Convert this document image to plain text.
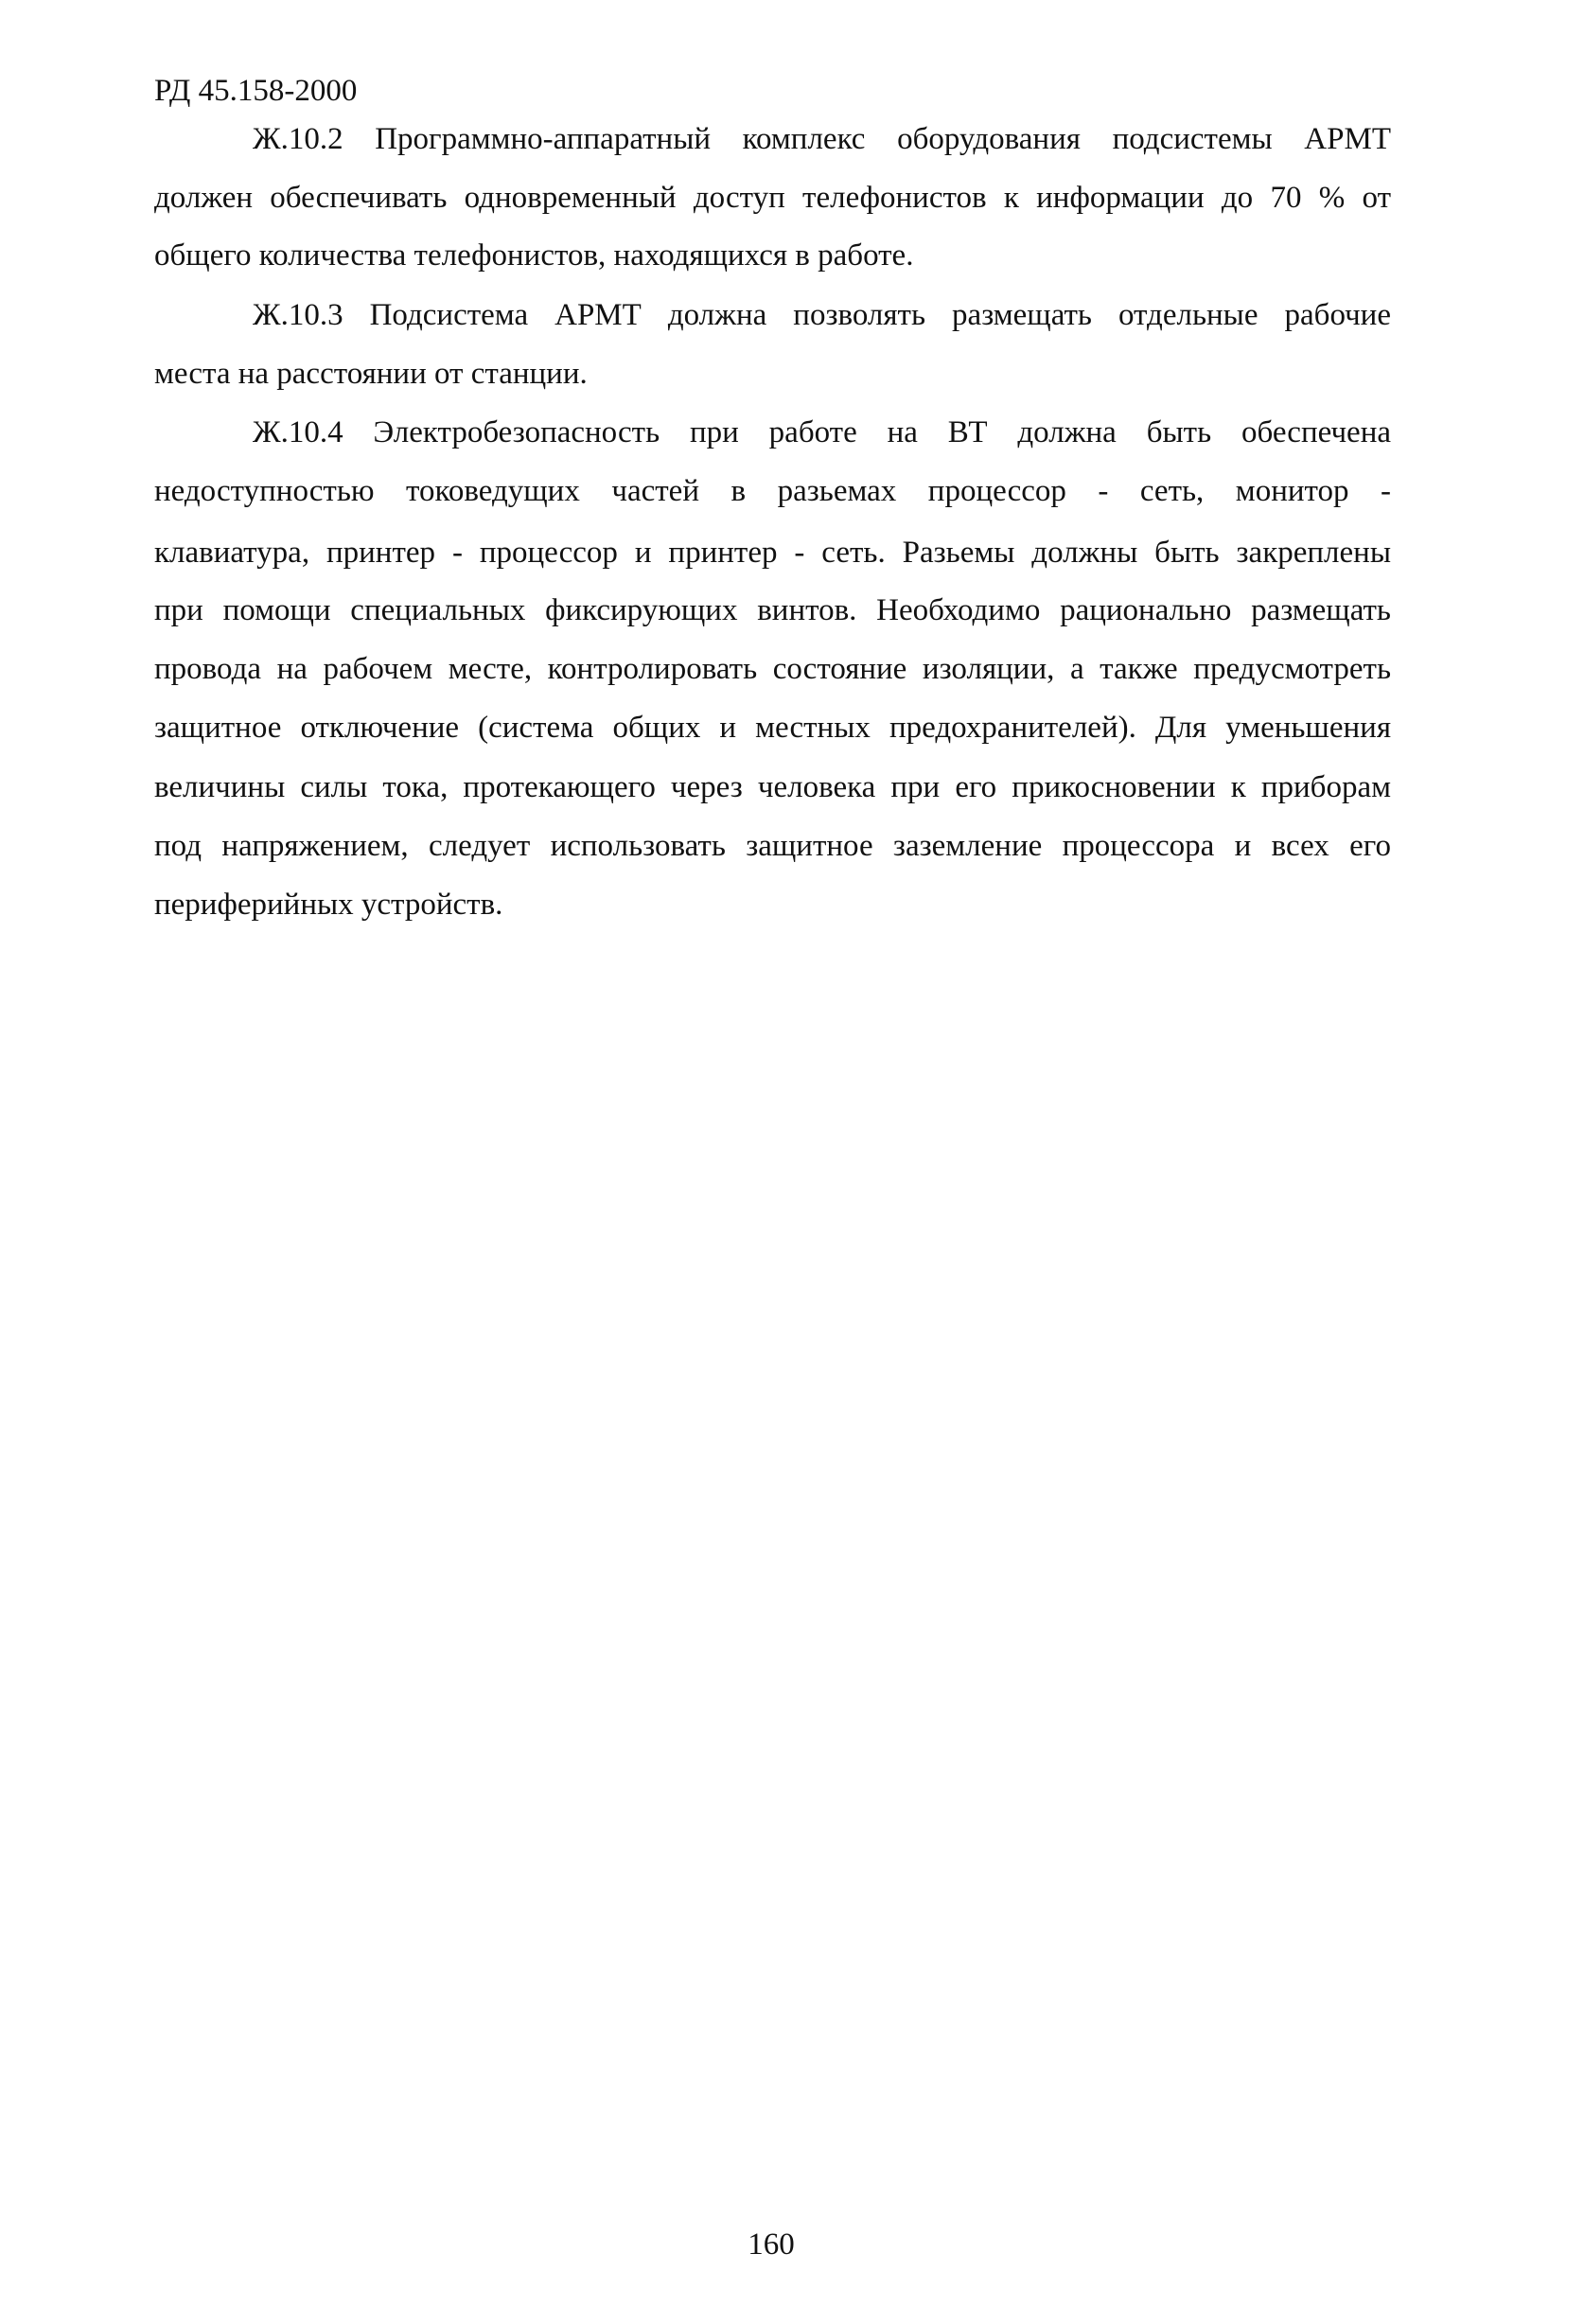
РД 45.158-2000
Ж.10.2 Программно-аппаратный комплекс оборудования подсистемы АРМТ
должен обеспечивать одновременный доступ телефонистов к информации до 70 % от
общего количества телефонистов, находящихся в работе.
Ж.10.3 Подсистема АРМТ должна позволять размещать отдельные рабочие
места на расстоянии от станции.
Ж.10.4 Электробезопасность при работе на ВТ должна быть обеспечена
недоступностью токоведущих частей в разьемах процессор - сеть, монитор -
клавиатура, принтер - процессор и принтер - сеть. Разьемы должны быть закреплены
при помощи специальных фиксирующих винтов. Необходимо рационально размещать
провода на рабочем месте, контролировать состояние изоляции, а также предусмотреть
защитное отключение (система общих и местных предохранителей). Для уменьшения
величины силы тока, протекающего через человека при его прикосновении к приборам
под напряжением, следует использовать защитное заземление процессора и всех его
периферийных устройств.
160
